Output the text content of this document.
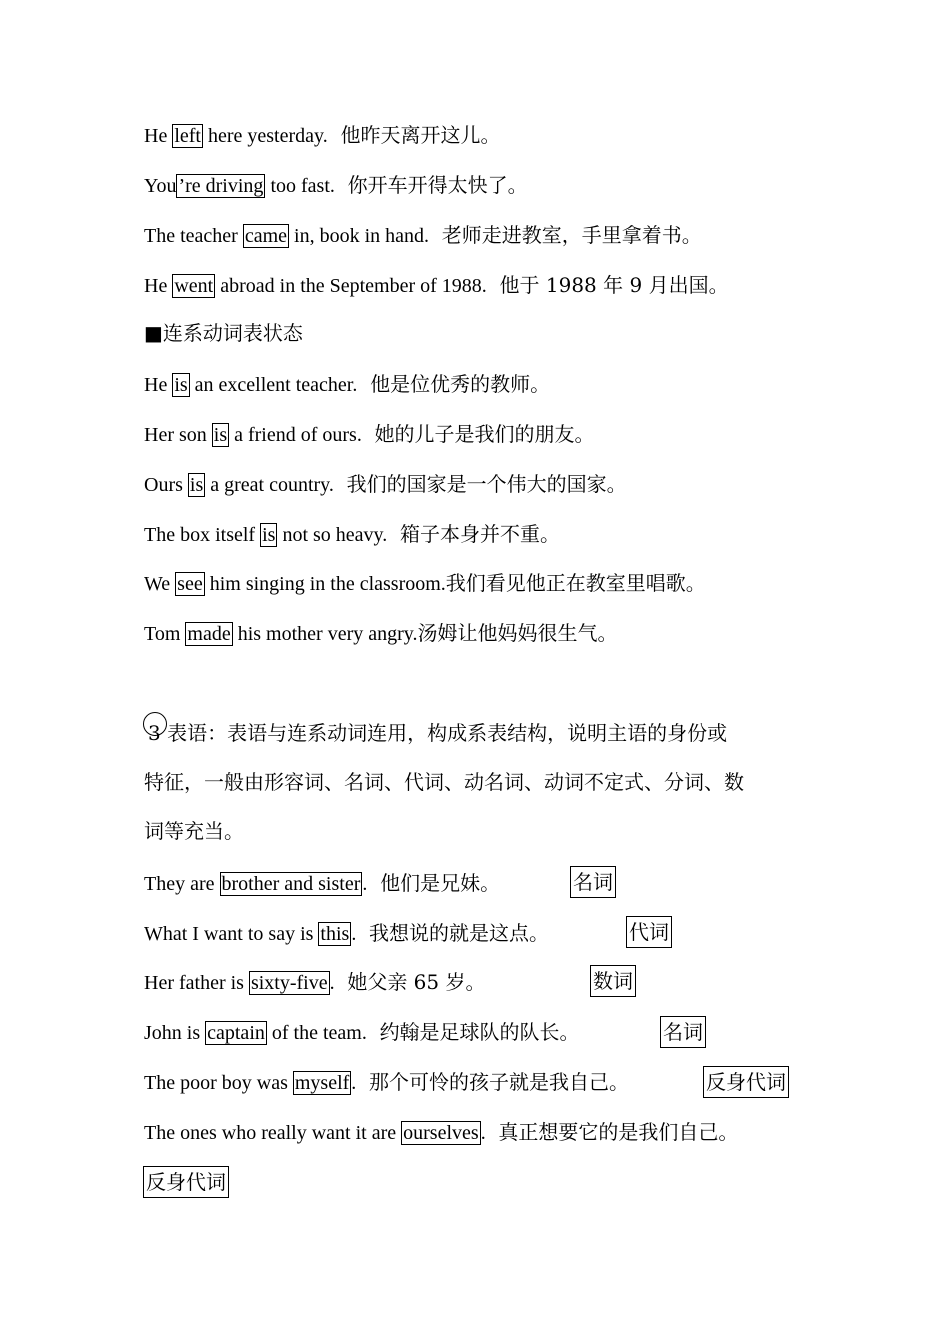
He left here yesterday. 他昨天离开这儿。
You ’re driving too fast. 你开车开得太快了。
The teacher came in, book in hand. 老师走进教室，手里拿着书。
He went abroad in the September of 1988. 他于 1988 年 9 月出国。
■连系动词表状态
He is an excellent teacher. 他是位优秀的教师。
Her son is a friend of ours. 她的儿子是我们的朋友。
Ours is a great country. 我们的国家是一个伟大的国家。
The box itself is not so heavy. 箱子本身并不重。
We see him singing in the classroom.我们看见他正在教室里唱歌。
Tom made his mother very angry.汤姆让他妈妈很生气。
3 表语：表语与连系动词连用，构成系表结构，说明主语的身份或
特征，一般由形容词、名词、代词、动名词、动词不定式、分词、数
词等充当。
They are brother and sister . 他们是兄妹。	名词
What I want to say is this . 我想说的就是这点。	代词
Her father is sixty-five . 她父亲 65 岁。	数词
John is captain of the team. 约翰是足球队的队长。	名词
The poor boy was myself . 那个可怜的孩子就是我自己。	反身代词
The ones who really want it are ourselves . 真正想要它的是我们自己。
反身代词
